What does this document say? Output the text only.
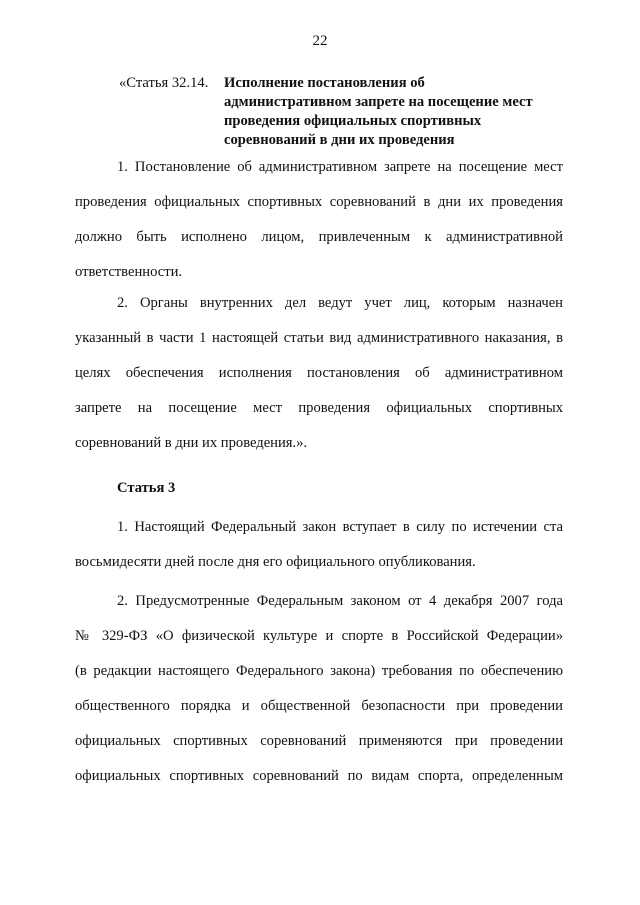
22
«Статья 32.14.	Исполнение постановления об
административном запрете на посещение мест
проведения официальных спортивных
соревнований в дни их проведения
1. Постановление об административном запрете на посещение мест
проведения официальных спортивных соревнований в дни их проведения
должно быть исполнено лицом, привлеченным к административной
ответственности.
2. Органы внутренних дел ведут учет лиц, которым назначен
указанный в части 1 настоящей статьи вид административного наказания, в
целях обеспечения исполнения постановления об административном
запрете на посещение мест проведения официальных спортивных
соревнований в дни их проведения.».
Статья 3
1. Настоящий Федеральный закон вступает в силу по истечении ста
восьмидесяти дней после дня его официального опубликования.
2. Предусмотренные Федеральным законом от 4 декабря 2007 года
№ 329-ФЗ «О физической культуре и спорте в Российской Федерации»
(в редакции настоящего Федерального закона) требования по обеспечению
общественного порядка и общественной безопасности при проведении
официальных спортивных соревнований применяются при проведении
официальных спортивных соревнований по видам спорта, определенным
